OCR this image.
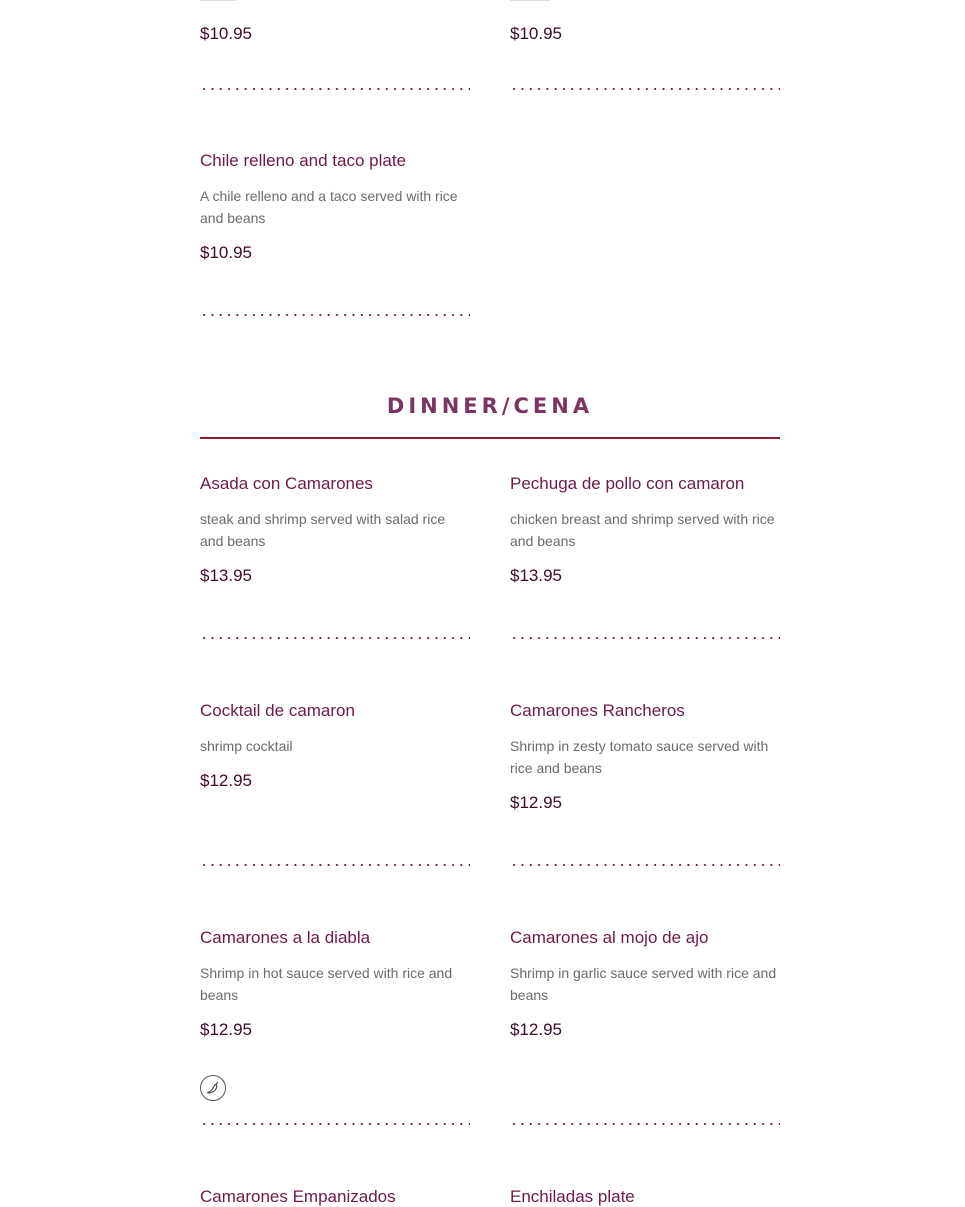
$10.95	$10.95

Chile relleno and taco plate

A chile relleno and a taco served with rice and beans

$10.95

DINNER/CENA

Asada con Camarones

steak and shrimp served with salad rice and beans

$13.95

Pechuga de pollo con camaron

chicken breast and shrimp served with rice and beans

$13.95

Cocktail de camaron

shrimp cocktail

$12.95

Camarones Rancheros

Shrimp in zesty tomato sauce served with rice and beans

$12.95

Camarones a la diabla

Shrimp in hot sauce served with rice and beans

$12.95

Camarones al mojo de ajo

Shrimp in garlic sauce served with rice and beans

$12.95

Camarones Empanizados	Enchiladas plate
